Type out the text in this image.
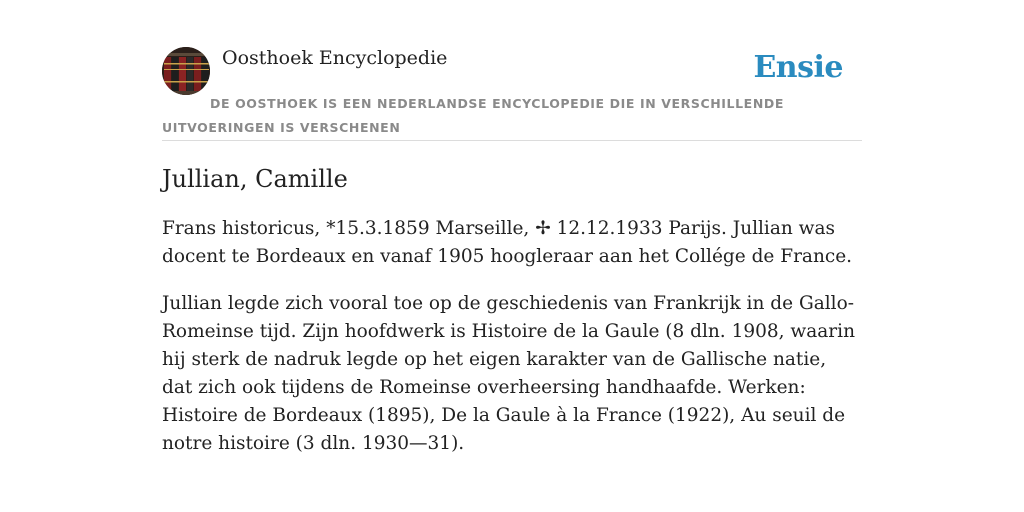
Oosthoek Encyclopedie	Ensie
DE OOSTHOEK IS EEN NEDERLANDSE ENCYCLOPEDIE DIE IN VERSCHILLENDE UITVOERINGEN IS VERSCHENEN
Jullian, Camille

Frans historicus, *15.3.1859 Marseille, ✢ 12.12.1933 Parijs. Jullian was docent te Bordeaux en vanaf 1905 hoogleraar aan het Collége de France.

Jullian legde zich vooral toe op de geschiedenis van Frankrijk in de Gallo-Romeinse tijd. Zijn hoofdwerk is Histoire de la Gaule (8 dln. 1908, waarin hij sterk de nadruk legde op het eigen karakter van de Gallische natie, dat zich ook tijdens de Romeinse overheersing handhaafde. Werken: Histoire de Bordeaux (1895), De la Gaule à la France (1922), Au seuil de notre histoire (3 dln. 1930—31).
